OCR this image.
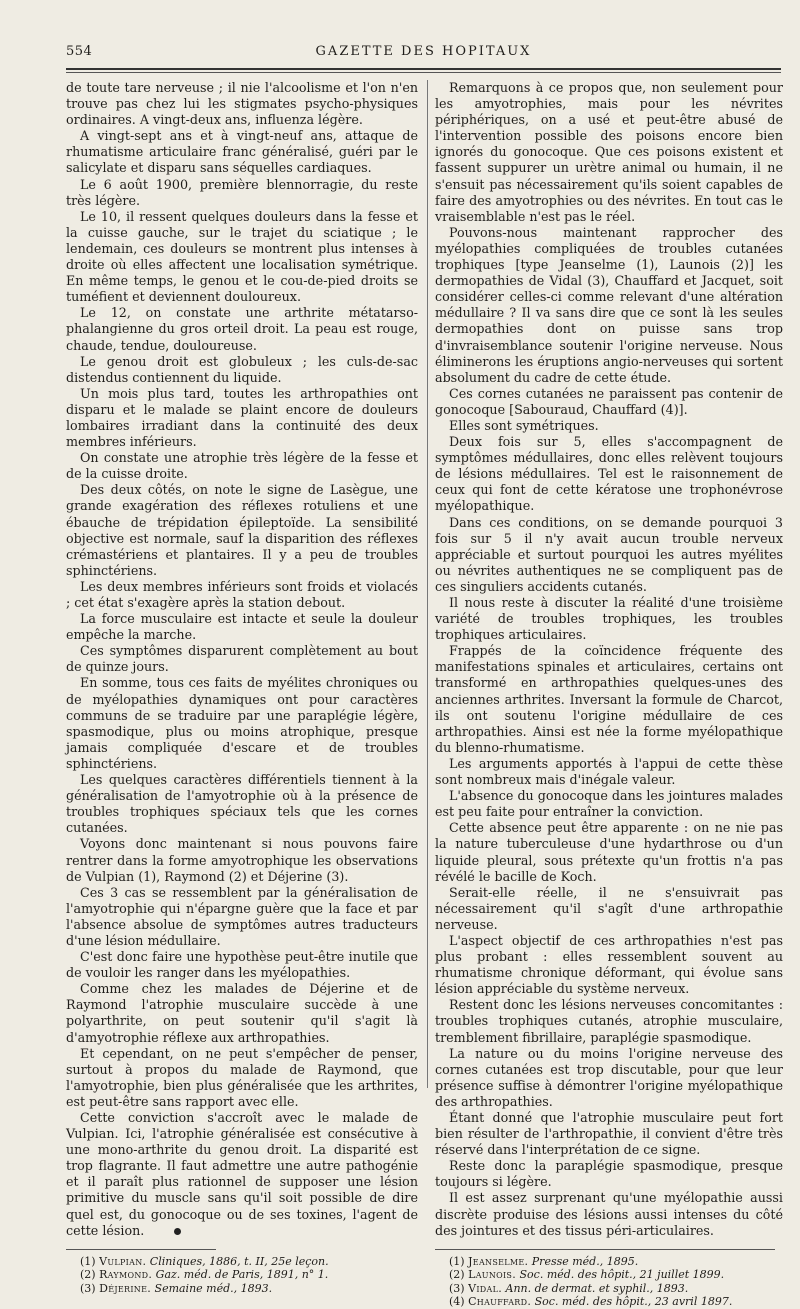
554	GAZETTE DES HOPITAUX

de toute tare nerveuse ; il nie l'alcoolisme et l'on n'en trouve pas chez lui les stigmates psycho-physiques ordinaires. A vingt-deux ans, influenza légère.

A vingt-sept ans et à vingt-neuf ans, attaque de rhumatisme articulaire franc généralisé, guéri par le salicylate et disparu sans séquelles cardiaques.

Le 6 août 1900, première blennorragie, du reste très légère.

Le 10, il ressent quelques douleurs dans la fesse et la cuisse gauche, sur le trajet du sciatique ; le lendemain, ces douleurs se montrent plus intenses à droite où elles affectent une localisation symétrique. En même temps, le genou et le cou-de-pied droits se tuméfient et deviennent douloureux.

Le 12, on constate une arthrite métatarso-phalangienne du gros orteil droit. La peau est rouge, chaude, tendue, douloureuse.

Le genou droit est globuleux ; les culs-de-sac distendus contiennent du liquide.

Un mois plus tard, toutes les arthropathies ont disparu et le malade se plaint encore de douleurs lombaires irradiant dans la continuité des deux membres inférieurs.

On constate une atrophie très légère de la fesse et de la cuisse droite.

Des deux côtés, on note le signe de Lasègue, une grande exagération des réflexes rotuliens et une ébauche de trépidation épileptoïde. La sensibilité objective est normale, sauf la disparition des réflexes crémastériens et plantaires. Il y a peu de troubles sphinctériens.

Les deux membres inférieurs sont froids et violacés ; cet état s'exagère après la station debout.

La force musculaire est intacte et seule la douleur empêche la marche.

Ces symptômes disparurent complètement au bout de quinze jours.

En somme, tous ces faits de myélites chroniques ou de myélopathies dynamiques ont pour caractères communs de se traduire par une paraplégie légère, spasmodique, plus ou moins atrophique, presque jamais compliquée d'escare et de troubles sphinctériens.

Les quelques caractères différentiels tiennent à la généralisation de l'amyotrophie où à la présence de troubles trophiques spéciaux tels que les cornes cutanées.

Voyons donc maintenant si nous pouvons faire rentrer dans la forme amyotrophique les observations de Vulpian (1), Raymond (2) et Déjerine (3).

Ces 3 cas se ressemblent par la généralisation de l'amyotrophie qui n'épargne guère que la face et par l'absence absolue de symptômes autres traducteurs d'une lésion médullaire.

C'est donc faire une hypothèse peut-être inutile que de vouloir les ranger dans les myélopathies.

Comme chez les malades de Déjerine et de Raymond l'atrophie musculaire succède à une polyarthrite, on peut soutenir qu'il s'agit là d'amyotrophie réflexe aux arthropathies.

Et cependant, on ne peut s'empêcher de penser, surtout à propos du malade de Raymond, que l'amyotrophie, bien plus généralisée que les arthrites, est peut-être sans rapport avec elle.

Cette conviction s'accroît avec le malade de Vulpian. Ici, l'atrophie généralisée est consécutive à une mono-arthrite du genou droit. La disparité est trop flagrante. Il faut admettre une autre pathogénie et il paraît plus rationnel de supposer une lésion primitive du muscle sans qu'il soit possible de dire quel est, du gonocoque ou de ses toxines, l'agent de cette lésion.

(1) Vulpian. Cliniques, 1886, t. II, 25e leçon.
(2) Raymond. Gaz. méd. de Paris, 1891, n° 1.
(3) Déjerine. Semaine méd., 1893.

Remarquons à ce propos que, non seulement pour les amyotrophies, mais pour les névrites périphériques, on a usé et peut-être abusé de l'intervention possible des poisons encore bien ignorés du gonocoque. Que ces poisons existent et fassent suppurer un urètre animal ou humain, il ne s'ensuit pas nécessairement qu'ils soient capables de faire des amyotrophies ou des névrites. En tout cas le vraisemblable n'est pas le réel.

Pouvons-nous maintenant rapprocher des myélopathies compliquées de troubles cutanées trophiques [type Jeanselme (1), Launois (2)] les dermopathies de Vidal (3), Chauffard et Jacquet, soit considérer celles-ci comme relevant d'une altération médullaire ? Il va sans dire que ce sont là les seules dermopathies dont on puisse sans trop d'invraisemblance soutenir l'origine nerveuse. Nous éliminerons les éruptions angio-nerveuses qui sortent absolument du cadre de cette étude.

Ces cornes cutanées ne paraissent pas contenir de gonocoque [Sabouraud, Chauffard (4)].

Elles sont symétriques.

Deux fois sur 5, elles s'accompagnent de symptômes médullaires, donc elles relèvent toujours de lésions médullaires. Tel est le raisonnement de ceux qui font de cette kératose une trophonévrose myélopathique.

Dans ces conditions, on se demande pourquoi 3 fois sur 5 il n'y avait aucun trouble nerveux appréciable et surtout pourquoi les autres myélites ou névrites authentiques ne se compliquent pas de ces singuliers accidents cutanés.

Il nous reste à discuter la réalité d'une troisième variété de troubles trophiques, les troubles trophiques articulaires.

Frappés de la coïncidence fréquente des manifestations spinales et articulaires, certains ont transformé en arthropathies quelques-unes des anciennes arthrites. Inversant la formule de Charcot, ils ont soutenu l'origine médullaire de ces arthropathies. Ainsi est née la forme myélopathique du blenno-rhumatisme.

Les arguments apportés à l'appui de cette thèse sont nombreux mais d'inégale valeur.

L'absence du gonocoque dans les jointures malades est peu faite pour entraîner la conviction.

Cette absence peut être apparente : on ne nie pas la nature tuberculeuse d'une hydarthrose ou d'un liquide pleural, sous prétexte qu'un frottis n'a pas révélé le bacille de Koch.

Serait-elle réelle, il ne s'ensuivrait pas nécessairement qu'il s'agît d'une arthropathie nerveuse.

L'aspect objectif de ces arthropathies n'est pas plus probant : elles ressemblent souvent au rhumatisme chronique déformant, qui évolue sans lésion appréciable du système nerveux.

Restent donc les lésions nerveuses concomitantes : troubles trophiques cutanés, atrophie musculaire, tremblement fibrillaire, paraplégie spasmodique.

La nature ou du moins l'origine nerveuse des cornes cutanées est trop discutable, pour que leur présence suffise à démontrer l'origine myélopathique des arthropathies.

Étant donné que l'atrophie musculaire peut fort bien résulter de l'arthropathie, il convient d'être très réservé dans l'interprétation de ce signe.

Reste donc la paraplégie spasmodique, presque toujours si légère.

Il est assez surprenant qu'une myélopathie aussi discrète produise des lésions aussi intenses du côté des jointures et des tissus péri-articulaires.

(1) Jeanselme. Presse méd., 1895.
(2) Launois. Soc. méd. des hôpit., 21 juillet 1899.
(3) Vidal. Ann. de dermat. et syphil., 1893.
(4) Chauffard. Soc. méd. des hôpit., 23 avril 1897.
